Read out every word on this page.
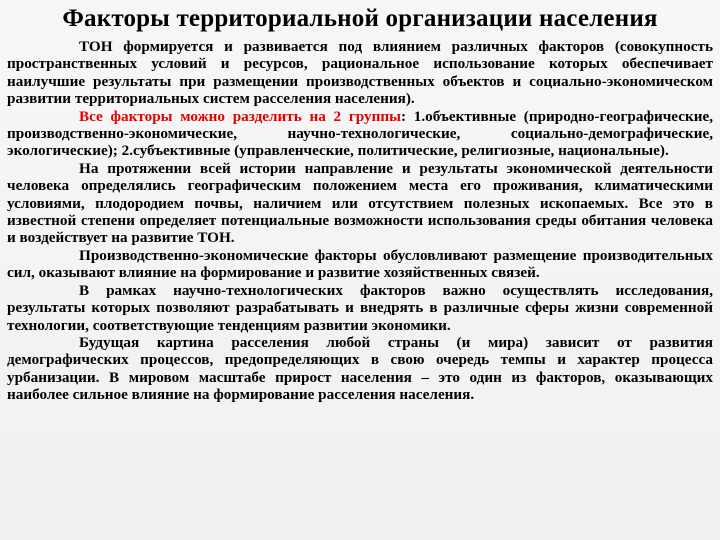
Факторы территориальной организации населения

ТОН формируется и развивается под влиянием различных факторов (совокупность пространственных условий и ресурсов, рациональное использование которых обеспечивает наилучшие результаты при размещении производственных объектов и социально-экономическом развитии территориальных систем расселения населения).

Все факторы можно разделить на 2 группы: 1.объективные (природно-географические, производственно-экономические, научно-технологические, социально-демографические, экологические); 2.субъективные (управленческие, политические, религиозные, национальные).

На протяжении всей истории направление и результаты экономической деятельности человека определялись географическим положением места его проживания, климатическими условиями, плодородием почвы, наличием или отсутствием полезных ископаемых. Все это в известной степени определяет потенциальные возможности использования среды обитания человека и воздействует на развитие ТОН.

Производственно-экономические факторы обусловливают размещение производительных сил, оказывают влияние на формирование и развитие хозяйственных связей.

В рамках научно-технологических факторов важно осуществлять исследования, результаты которых позволяют разрабатывать и внедрять в различные сферы жизни современной технологии, соответствующие тенденциям развитии экономики.

Будущая картина расселения любой страны (и мира) зависит от развития демографических процессов, предопределяющих в свою очередь темпы и характер процесса урбанизации. В мировом масштабе прирост населения – это один из факторов, оказывающих наиболее сильное влияние на формирование расселения населения.
